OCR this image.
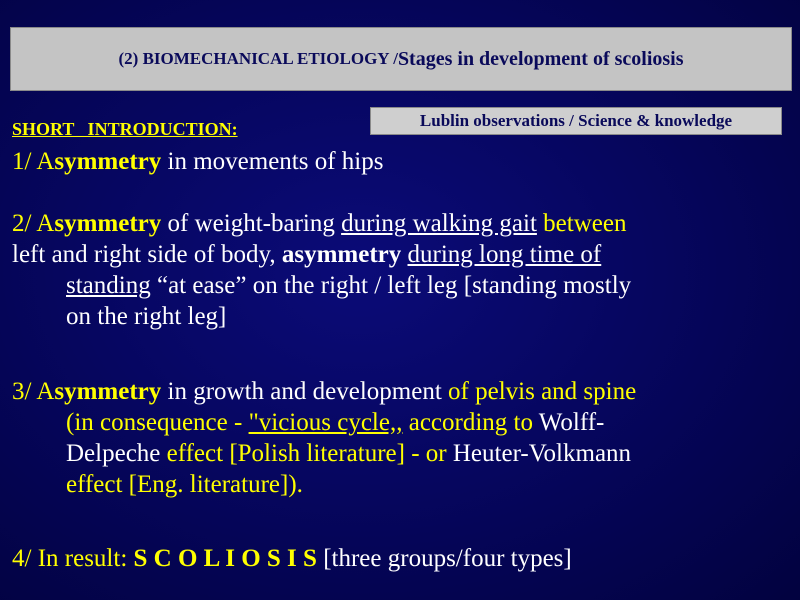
(2) BIOMECHANICAL ETIOLOGY / Stages in development of scoliosis
Lublin observations / Science & knowledge
SHORT   INTRODUCTION:
1/ Asymmetry in movements of hips

2/ Asymmetry of weight-baring during walking gait between

left and right side of body, asymmetry during long time of

standing “at ease” on the right / left leg [standing mostly

on the right leg]

3/ Asymmetry in growth and development of pelvis and spine

(in consequence - "vicious cycle,, according to Wolff-

Delpeche effect [Polish literature] - or Heuter-Volkmann

effect [Eng. literature]).

4/ In result: S C O L I O S I S [three groups/four types]
